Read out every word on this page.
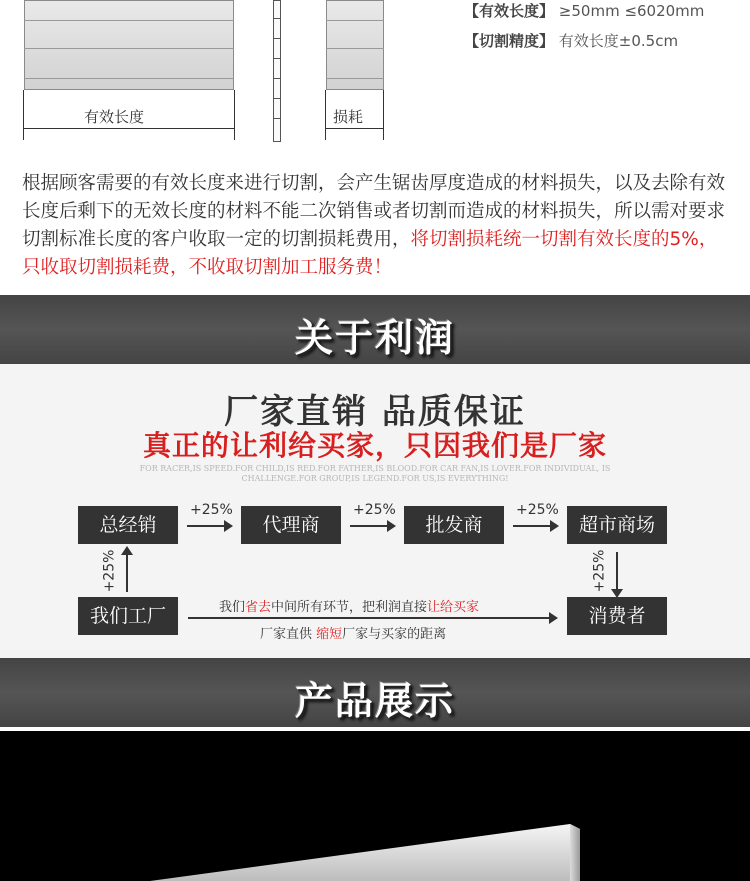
有效长度	损耗
【有效长度】 ≥50mm ≤6020mm
【切割精度】 有效长度±0.5cm
根据顾客需要的有效长度来进行切割，会产生锯齿厚度造成的材料损失，以及去除有效长度后剩下的无效长度的材料不能二次销售或者切割而造成的材料损失，所以需对要求切割标准长度的客户收取一定的切割损耗费用，将切割损耗统一切割有效长度的5%，只收取切割损耗费，不收取切割加工服务费！
关于利润
厂家直销 品质保证
真正的让利给买家，只因我们是厂家
FOR RACER,IS SPEED.FOR CHILD,IS RED.FOR FATHER,IS BLOOD.FOR CAR FAN,IS LOVER.FOR INDIVIDUAL, IS CHALLENGE.FOR GROUP,IS LEGEND.FOR US,IS EVERYTHING!
总经销
+25%
代理商
+25%
批发商
+25%
超市商场
+25%	+25%
我们工厂	消费者
我们省去中间所有环节，把利润直接让给买家
厂家直供 缩短厂家与买家的距离
产品展示
